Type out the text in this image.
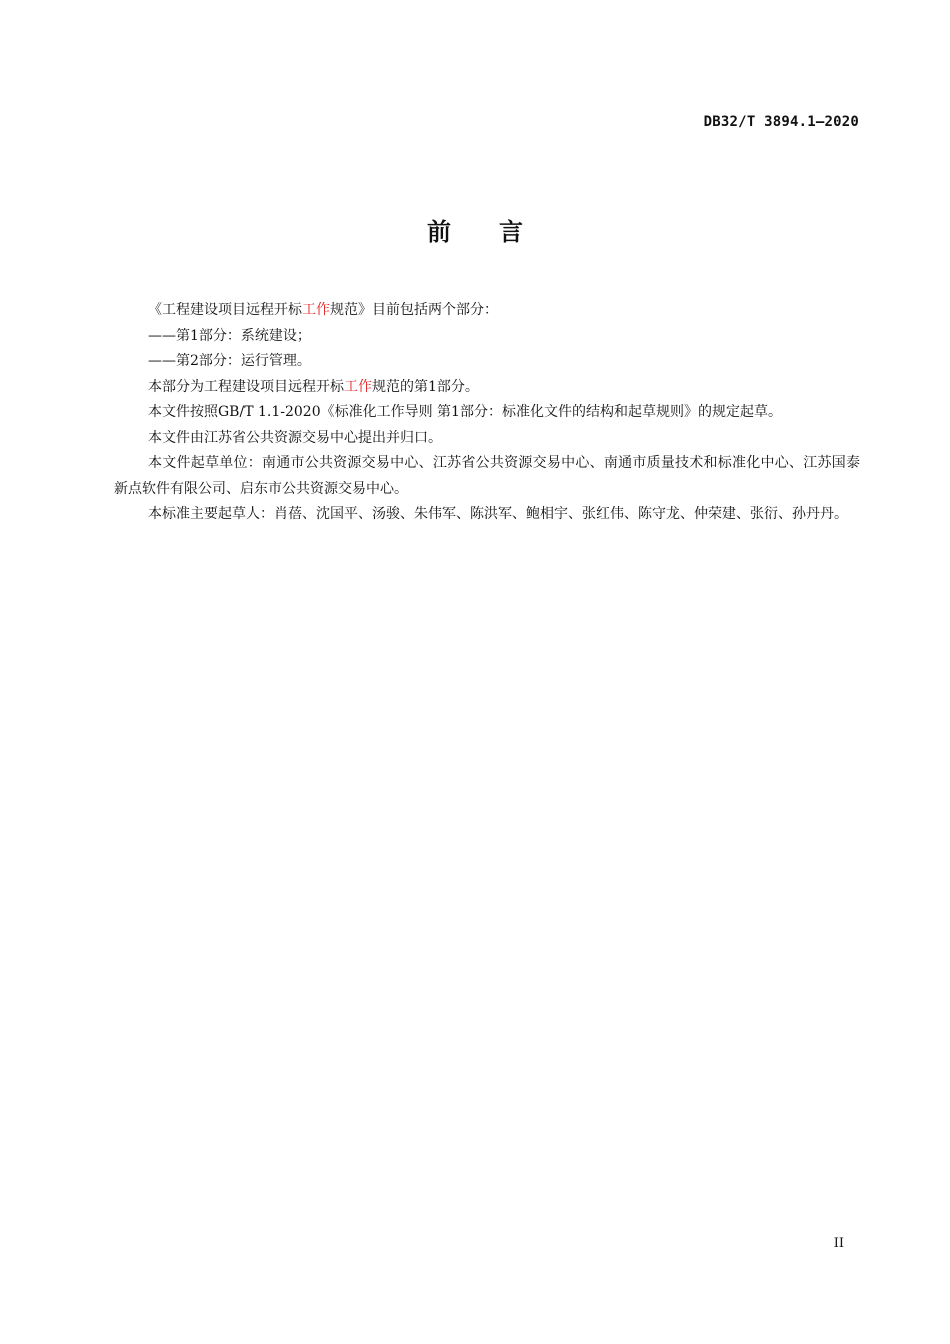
DB32/T 3894.1—2020
前 言

《工程建设项目远程开标工作规范》目前包括两个部分：

——第1部分：系统建设；

——第2部分：运行管理。

本部分为工程建设项目远程开标工作规范的第1部分。

本文件按照GB/T 1.1-2020《标准化工作导则 第1部分：标准化文件的结构和起草规则》的规定起草。

本文件由江苏省公共资源交易中心提出并归口。

本文件起草单位：南通市公共资源交易中心、江苏省公共资源交易中心、南通市质量技术和标准化中心、江苏国泰新点软件有限公司、启东市公共资源交易中心。

本标准主要起草人：肖蓓、沈国平、汤骏、朱伟军、陈洪军、鲍相宇、张红伟、陈守龙、仲荣建、张衍、孙丹丹。

II
